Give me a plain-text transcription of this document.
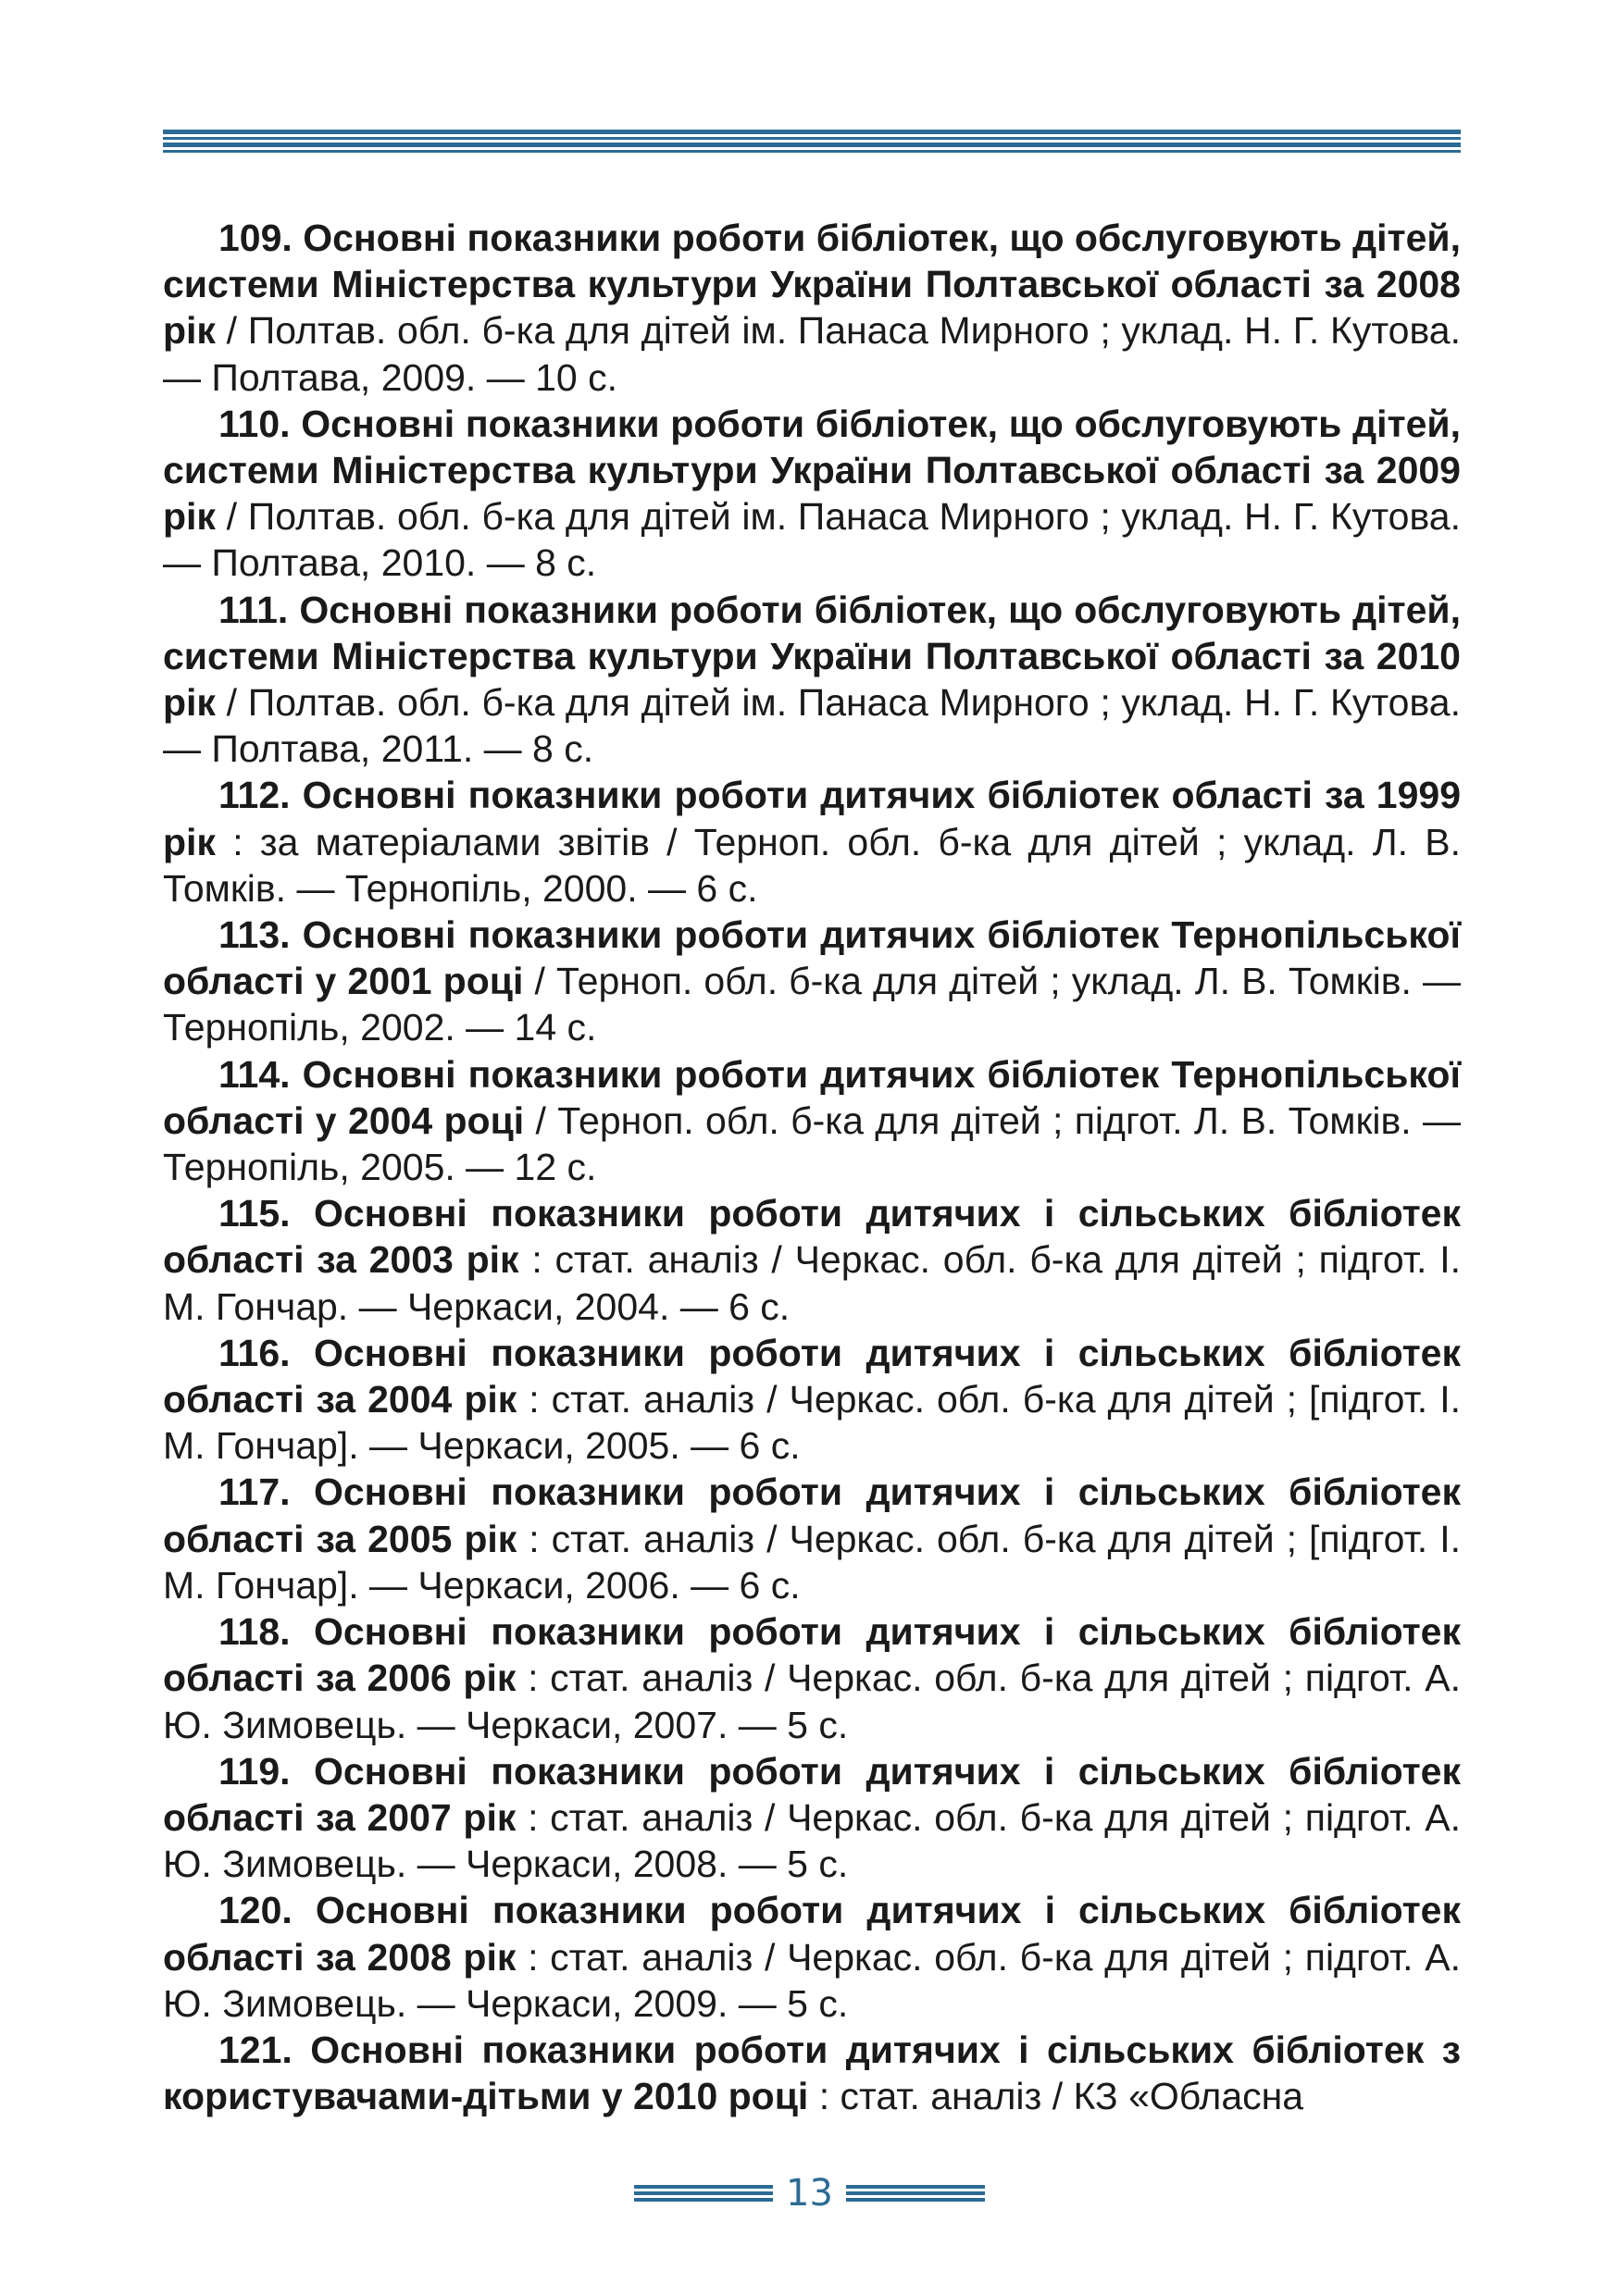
109. Основні показники роботи бібліотек, що обслуговують дітей, системи Міністерства культури України Полтавської області за 2008 рік / Полтав. обл. б-ка для дітей ім. Панаса Мирного ; уклад. Н. Г. Кутова. — Полтава, 2009. — 10 с.

110. Основні показники роботи бібліотек, що обслуговують дітей, системи Міністерства культури України Полтавської області за 2009 рік / Полтав. обл. б-ка для дітей ім. Панаса Мирного ; уклад. Н. Г. Кутова. — Полтава, 2010. — 8 с.

111. Основні показники роботи бібліотек, що обслуговують дітей, системи Міністерства культури України Полтавської області за 2010 рік / Полтав. обл. б-ка для дітей ім. Панаса Мирного ; уклад. Н. Г. Кутова. — Полтава, 2011. — 8 с.

112. Основні показники роботи дитячих бібліотек області за 1999 рік : за матеріалами звітів / Терноп. обл. б-ка для дітей ; уклад. Л. В. Томків. — Тернопіль, 2000. — 6 с.

113. Основні показники роботи дитячих бібліотек Тернопільської області у 2001 році / Терноп. обл. б-ка для дітей ; уклад. Л. В. Томків. — Тернопіль, 2002. — 14 с.

114. Основні показники роботи дитячих бібліотек Тернопільської області у 2004 році / Терноп. обл. б-ка для дітей ; підгот. Л. В. Томків. — Тернопіль, 2005. — 12 с.

115. Основні показники роботи дитячих і сільських бібліотек області за 2003 рік : стат. аналіз / Черкас. обл. б-ка для дітей ; підгот. І. М. Гончар. — Черкаси, 2004. — 6 с.

116. Основні показники роботи дитячих і сільських бібліотек області за 2004 рік : стат. аналіз / Черкас. обл. б-ка для дітей ; [підгот. І. М. Гончар]. — Черкаси, 2005. — 6 с.

117. Основні показники роботи дитячих і сільських бібліотек області за 2005 рік : стат. аналіз / Черкас. обл. б-ка для дітей ; [підгот. І. М. Гончар]. — Черкаси, 2006. — 6 с.

118. Основні показники роботи дитячих і сільських бібліотек області за 2006 рік : стат. аналіз / Черкас. обл. б-ка для дітей ; підгот. А. Ю. Зимовець. — Черкаси, 2007. — 5 с.

119. Основні показники роботи дитячих і сільських бібліотек області за 2007 рік : стат. аналіз / Черкас. обл. б-ка для дітей ; підгот. А. Ю. Зимовець. — Черкаси, 2008. — 5 с.

120. Основні показники роботи дитячих і сільських бібліотек області за 2008 рік : стат. аналіз / Черкас. обл. б-ка для дітей ; підгот. А. Ю. Зимовець. — Черкаси, 2009. — 5 с.

121. Основні показники роботи дитячих і сільських бібліотек з користувачами-дітьми у 2010 році : стат. аналіз / КЗ «Обласна

13
